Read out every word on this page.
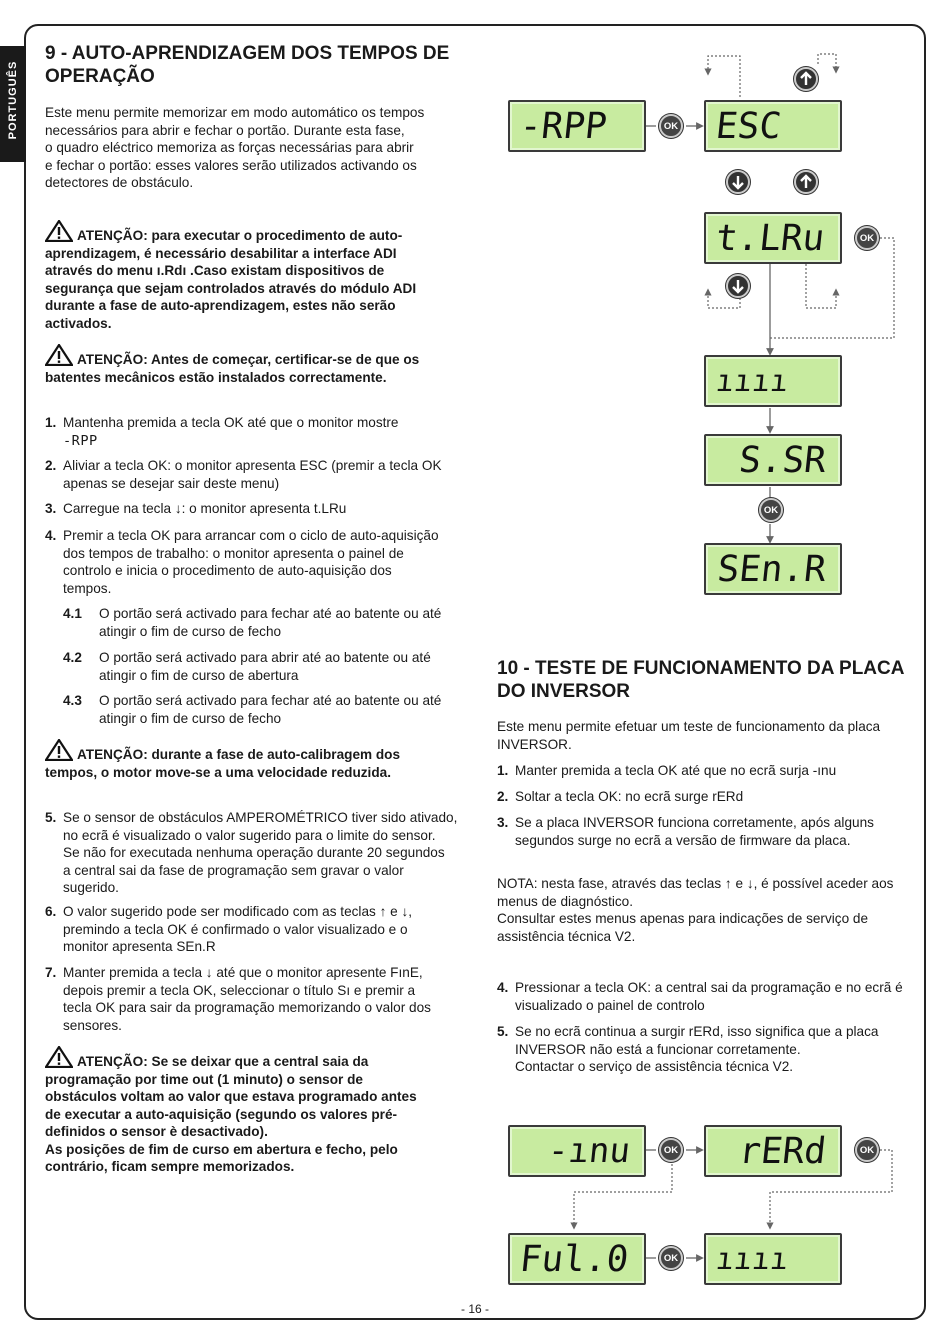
PORTUGUÊS
9 - AUTO-APRENDIZAGEM DOS TEMPOS DE
OPERAÇÃO
Este menu permite memorizar em modo automático os tempos
necessários para abrir e fechar o portão. Durante esta fase,
o quadro eléctrico memoriza as forças necessárias para abrir
e fechar o portão: esses valores serão utilizados activando os
detectores de obstáculo.
ATENÇÃO: para executar o procedimento de auto-
aprendizagem, é necessário desabilitar a interface ADI
através do menu ı.Rdı .Caso existam dispositivos de
segurança que sejam controlados através do módulo ADI
durante a fase de auto-aprendizagem, estes não serão
activados.
ATENÇÃO: Antes de começar, certificar-se de que os
batentes mecânicos estão instalados correctamente.
1. Mantenha premida a tecla OK até que o monitor mostre
-RPP
2. Aliviar a tecla OK: o monitor apresenta ESC (premir a tecla OK
apenas se desejar sair deste menu)
3. Carregue na tecla ↓: o monitor apresenta t.LRu
4. Premir a tecla OK para arrancar com o ciclo de auto-aquisição
dos tempos de trabalho: o monitor apresenta o painel de
controlo e inicia o procedimento de auto-aquisição dos
tempos.
4.1 O portão será activado para fechar até ao batente ou até
atingir o fim de curso de fecho
4.2 O portão será activado para abrir até ao batente ou até
atingir o fim de curso de abertura
4.3 O portão será activado para fechar até ao batente ou até
atingir o fim de curso de fecho
ATENÇÃO: durante a fase de auto-calibragem dos
tempos, o motor move-se a uma velocidade reduzida.
5. Se o sensor de obstáculos AMPEROMÉTRICO tiver sido ativado,
no ecrã é visualizado o valor sugerido para o limite do sensor.
Se não for executada nenhuma operação durante 20 segundos
a central sai da fase de programação sem gravar o valor
sugerido.
6. O valor sugerido pode ser modificado com as teclas ↑ e ↓,
premindo a tecla OK é confirmado o valor visualizado e o
monitor apresenta SEn.R
7. Manter premida a tecla ↓ até que o monitor apresente FınE,
depois premir a tecla OK, seleccionar o título Sı e premir a
tecla OK para sair da programação memorizando o valor dos
sensores.
ATENÇÃO: Se se deixar que a central saia da
programação por time out (1 minuto) o sensor de
obstáculos voltam ao valor que estava programado antes
de executar a auto-aquisição (segundo os valores pré-
definidos o sensor è desactivado).
As posições de fim de curso em abertura e fecho, pelo
contrário, ficam sempre memorizados.
-RPP	OK ESC
t.LRu	OK
ıııı
S.SR
OK
SEn.R
10 - TESTE DE FUNCIONAMENTO DA PLACA
DO INVERSOR
Este menu permite efetuar um teste de funcionamento da placa
INVERSOR.
1. Manter premida a tecla OK até que no ecrã surja -ınu
2. Soltar a tecla OK: no ecrã surge rERd
3. Se a placa INVERSOR funciona corretamente, após alguns
segundos surge no ecrã a versão de firmware da placa.
NOTA: nesta fase, através das teclas ↑ e ↓, é possível aceder aos
menus de diagnóstico.
Consultar estes menus apenas para indicações de serviço de
assistência técnica V2.
4. Pressionar a tecla OK: a central sai da programação e no ecrã é
visualizado o painel de controlo
5. Se no ecrã continua a surgir rERd, isso significa que a placa
INVERSOR não está a funcionar corretamente.
Contactar o serviço de assistência técnica V2.
-ınu	OK	rERd	OK
Ful.0	OK ıııı
- 16 -
